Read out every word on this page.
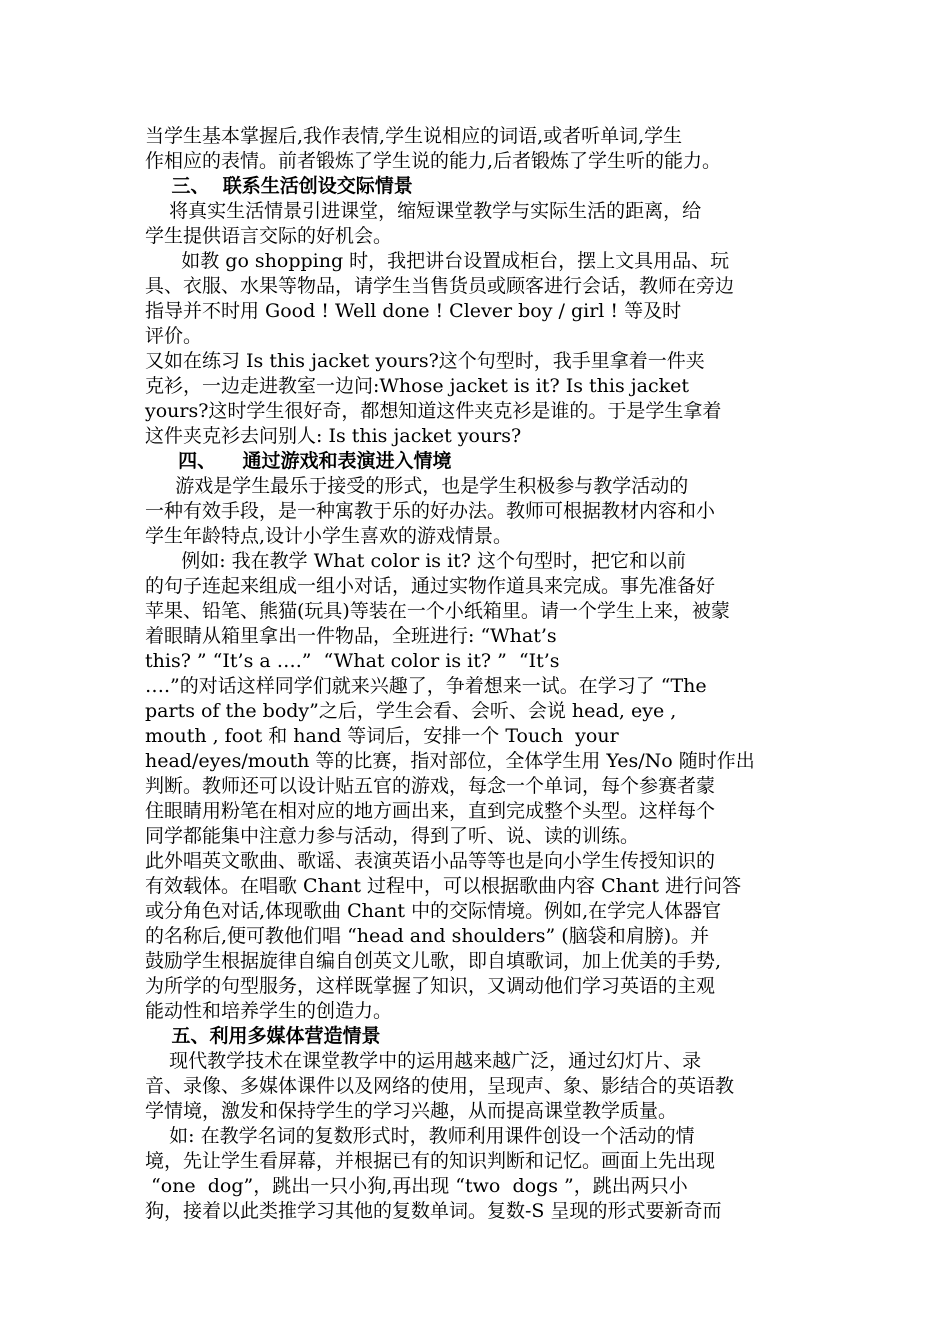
当学生基本掌握后,我作表情,学生说相应的词语,或者听单词,学生
作相应的表情。前者锻炼了学生说的能力,后者锻炼了学生听的能力。
三、  联系生活创设交际情景
将真实生活情景引进课堂，缩短课堂教学与实际生活的距离，给
学生提供语言交际的好机会。
如教 go shopping 时，我把讲台设置成柜台，摆上文具用品、玩
具、衣服、水果等物品，请学生当售货员或顾客进行会话，教师在旁边
指导并不时用 Good ! Well done ! Clever boy / girl ! 等及时
评价。
又如在练习 Is this jacket yours?这个句型时，我手里拿着一件夹
克衫，一边走进教室一边问:Whose jacket is it? Is this jacket
yours?这时学生很好奇，都想知道这件夹克衫是谁的。于是学生拿着
这件夹克衫去问别人: Is this jacket yours?
四、    通过游戏和表演进入情境
游戏是学生最乐于接受的形式，也是学生积极参与教学活动的
一种有效手段，是一种寓教于乐的好办法。教师可根据教材内容和小
学生年龄特点,设计小学生喜欢的游戏情景。
例如: 我在教学 What color is it? 这个句型时，把它和以前
的句子连起来组成一组小对话，通过实物作道具来完成。事先准备好
苹果、铅笔、熊猫(玩具)等装在一个小纸箱里。请一个学生上来，被蒙
着眼睛从箱里拿出一件物品，全班进行: “What’s
this? ” “It’s a ….”  “What color is it? ”  “It’s
….”的对话这样同学们就来兴趣了，争着想来一试。在学习了 “The
parts of the body”之后，学生会看、会听、会说 head, eye ,
mouth , foot 和 hand 等词后，安排一个 Touch  your
head/eyes/mouth 等的比赛，指对部位，全体学生用 Yes/No 随时作出
判断。教师还可以设计贴五官的游戏，每念一个单词，每个参赛者蒙
住眼睛用粉笔在相对应的地方画出来，直到完成整个头型。这样每个
同学都能集中注意力参与活动，得到了听、说、读的训练。
此外唱英文歌曲、歌谣、表演英语小品等等也是向小学生传授知识的
有效载体。在唱歌 Chant 过程中，可以根据歌曲内容 Chant 进行问答
或分角色对话,体现歌曲 Chant 中的交际情境。例如,在学完人体器官
的名称后,便可教他们唱 “head and shoulders” (脑袋和肩膀)。并
鼓励学生根据旋律自编自创英文儿歌，即自填歌词，加上优美的手势,
为所学的句型服务，这样既掌握了知识，又调动他们学习英语的主观
能动性和培养学生的创造力。
五、利用多媒体营造情景
现代教学技术在课堂教学中的运用越来越广泛，通过幻灯片、录
音、录像、多媒体课件以及网络的使用，呈现声、象、影结合的英语教
学情境，激发和保持学生的学习兴趣，从而提高课堂教学质量。
如: 在教学名词的复数形式时，教师利用课件创设一个活动的情
境，先让学生看屏幕，并根据已有的知识判断和记忆。画面上先出现
“one  dog”，跳出一只小狗,再出现 “two  dogs ”，跳出两只小
狗，接着以此类推学习其他的复数单词。复数-S 呈现的形式要新奇而
